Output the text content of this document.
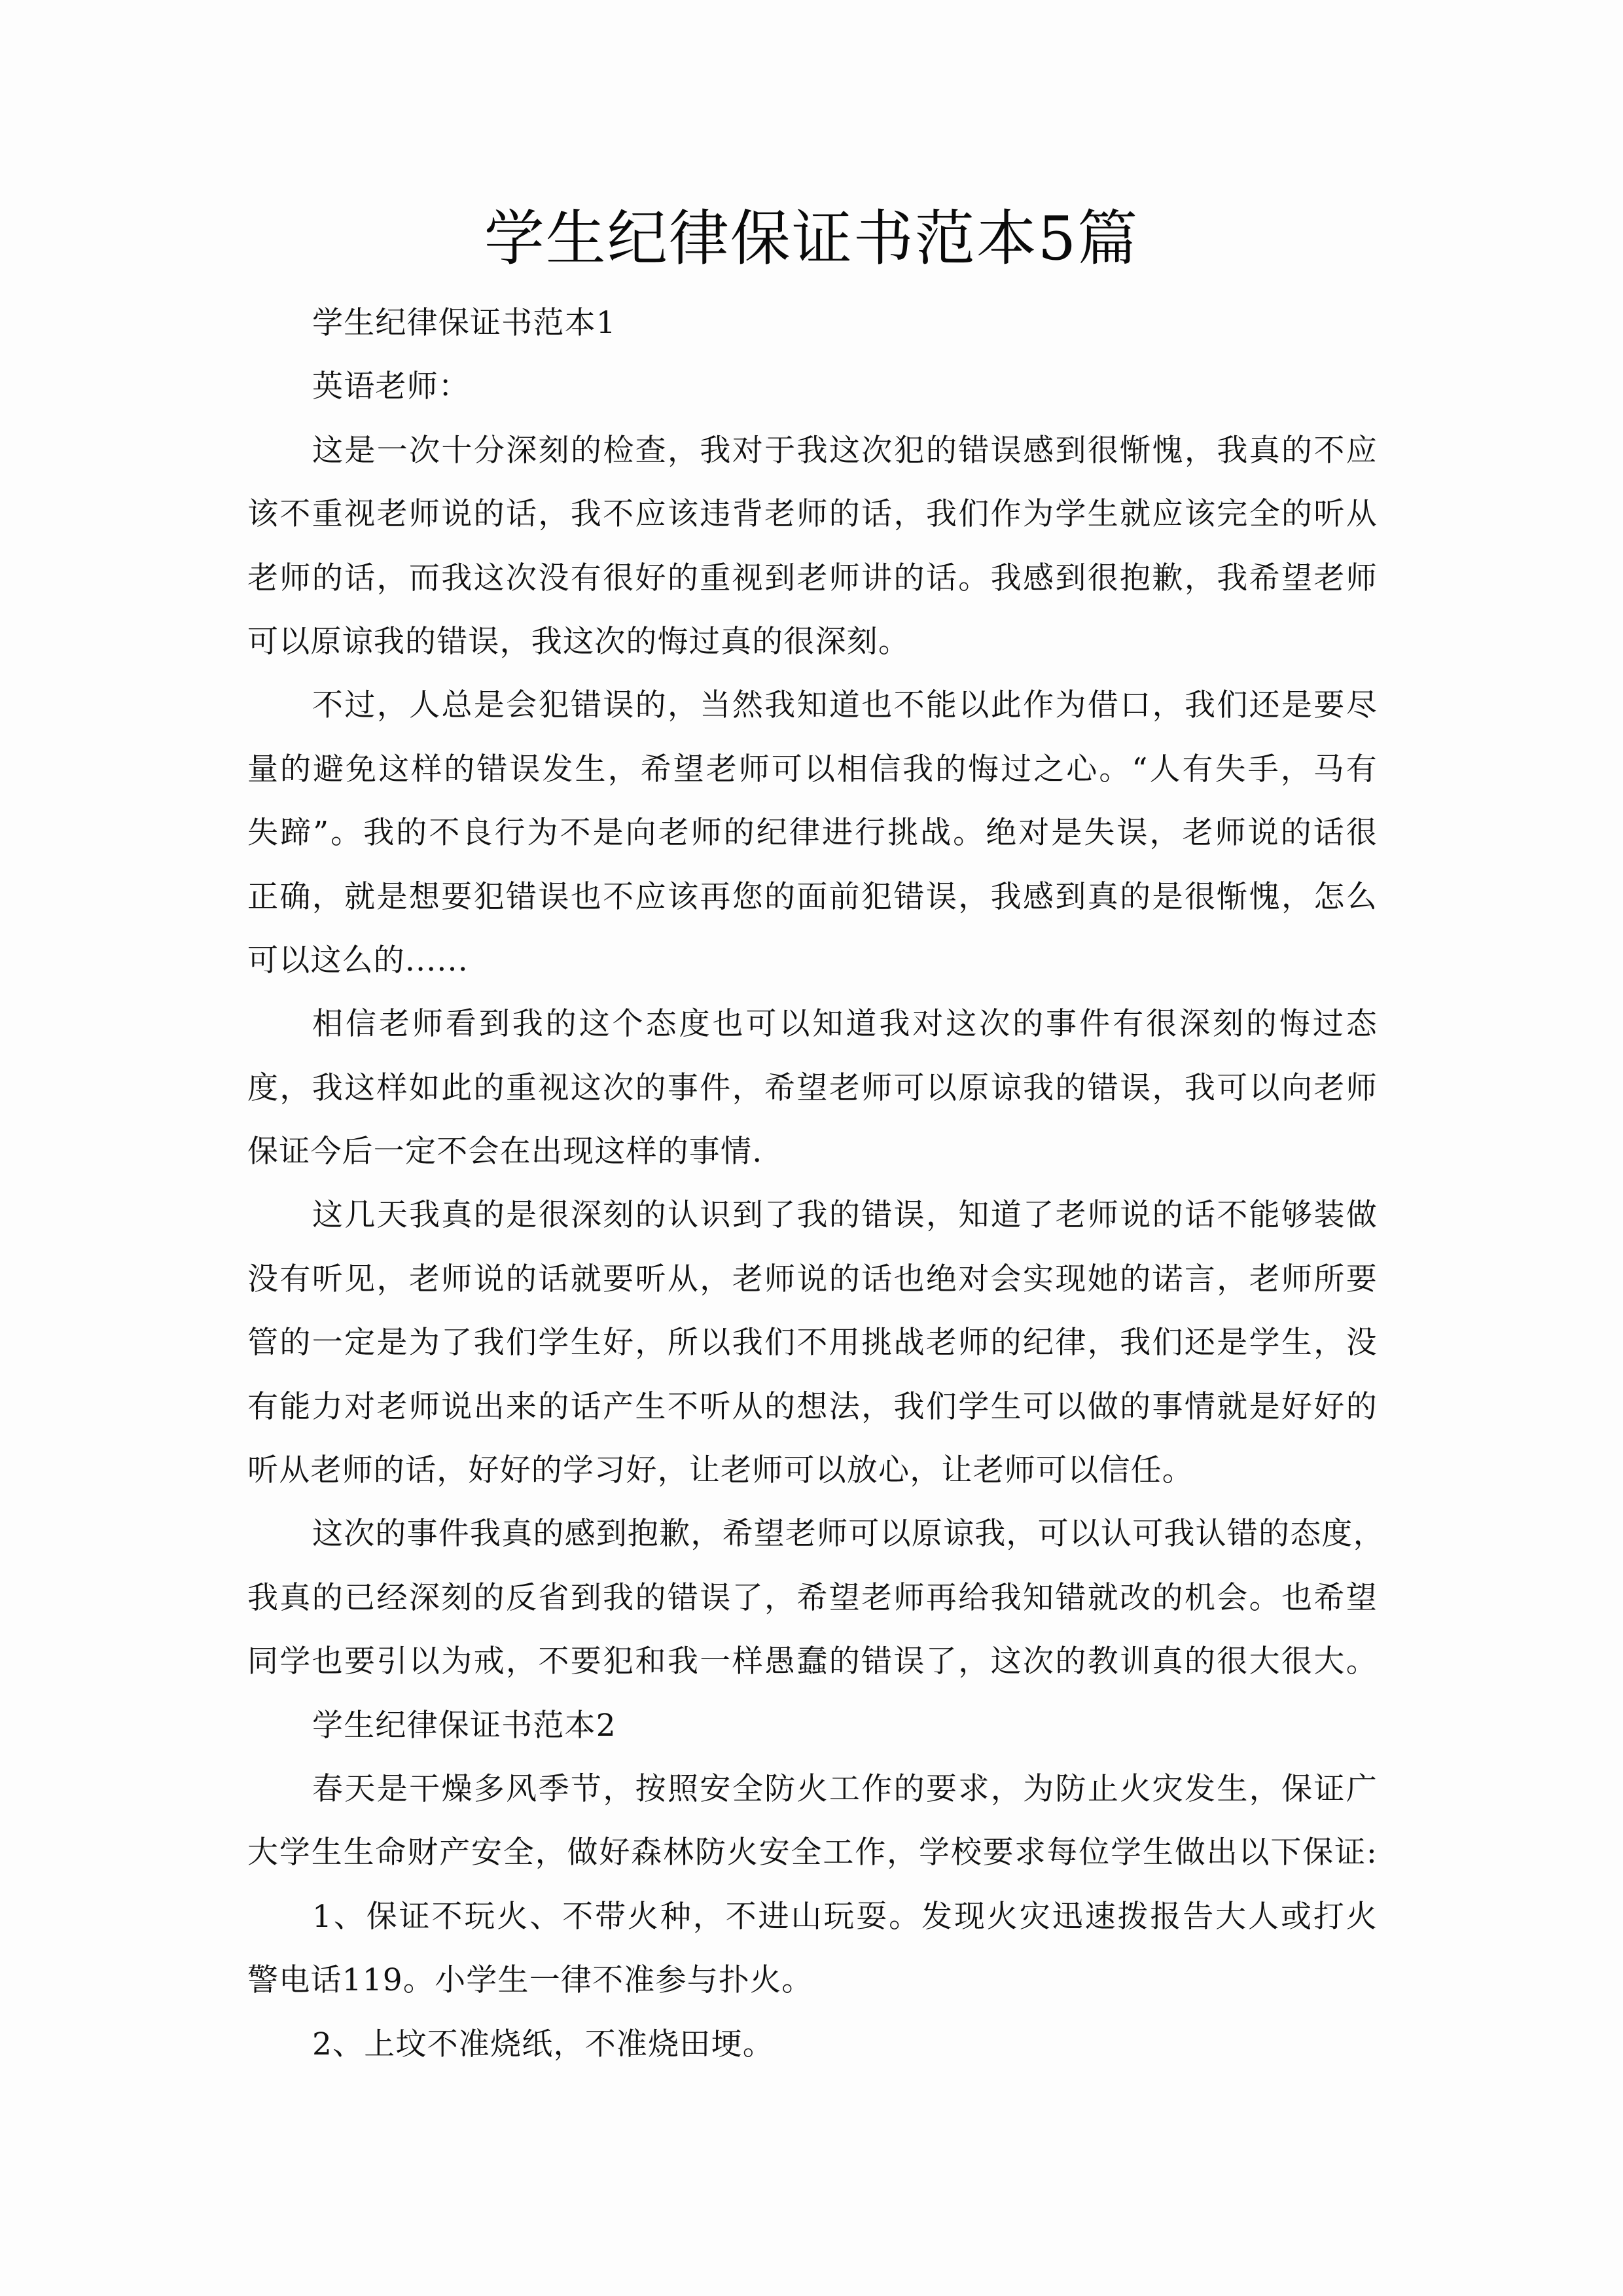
学生纪律保证书范本5篇
学生纪律保证书范本1
英语老师：
这是一次十分深刻的检查，我对于我这次犯的错误感到很惭愧，我真的不应
该不重视老师说的话，我不应该违背老师的话，我们作为学生就应该完全的听从
老师的话，而我这次没有很好的重视到老师讲的话。我感到很抱歉，我希望老师
可以原谅我的错误，我这次的悔过真的很深刻。
不过，人总是会犯错误的，当然我知道也不能以此作为借口，我们还是要尽
量的避免这样的错误发生，希望老师可以相信我的悔过之心。“人有失手，马有
失蹄”。我的不良行为不是向老师的纪律进行挑战。绝对是失误，老师说的话很
正确，就是想要犯错误也不应该再您的面前犯错误，我感到真的是很惭愧，怎么
可以这么的......
相信老师看到我的这个态度也可以知道我对这次的事件有很深刻的悔过态
度，我这样如此的重视这次的事件，希望老师可以原谅我的错误，我可以向老师
保证今后一定不会在出现这样的事情.
这几天我真的是很深刻的认识到了我的错误，知道了老师说的话不能够装做
没有听见，老师说的话就要听从，老师说的话也绝对会实现她的诺言，老师所要
管的一定是为了我们学生好，所以我们不用挑战老师的纪律，我们还是学生，没
有能力对老师说出来的话产生不听从的想法，我们学生可以做的事情就是好好的
听从老师的话，好好的学习好，让老师可以放心，让老师可以信任。
这次的事件我真的感到抱歉，希望老师可以原谅我，可以认可我认错的态度，
我真的已经深刻的反省到我的错误了，希望老师再给我知错就改的机会。也希望
同学也要引以为戒，不要犯和我一样愚蠢的错误了，这次的教训真的很大很大。
学生纪律保证书范本2
春天是干燥多风季节，按照安全防火工作的要求，为防止火灾发生，保证广
大学生生命财产安全，做好森林防火安全工作，学校要求每位学生做出以下保证:
1、保证不玩火、不带火种，不进山玩耍。发现火灾迅速拨报告大人或打火
警电话119。小学生一律不准参与扑火。
2、上坟不准烧纸，不准烧田埂。
